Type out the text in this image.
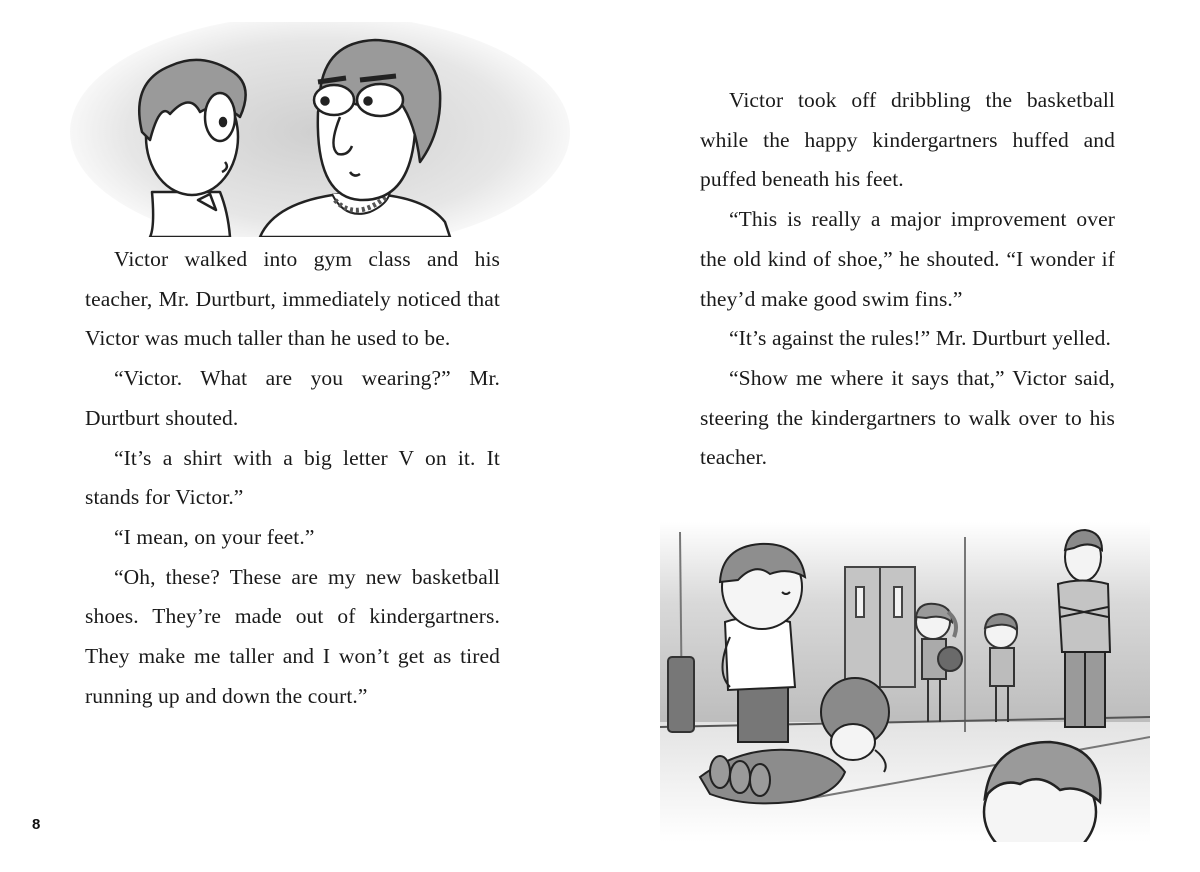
Victor walked into gym class and his teacher, Mr. Durtburt, immediately noticed that Victor was much taller than he used to be.

“Victor. What are you wearing?” Mr. Durtburt shouted.

“It’s a shirt with a big letter V on it. It stands for Victor.”

“I mean, on your feet.”

“Oh, these? These are my new basketball shoes. They’re made out of kindergartners. They make me taller and I won’t get as tired running up and down the court.”

8

Victor took off dribbling the basketball while the happy kindergartners huffed and puffed beneath his feet.

“This is really a major improvement over the old kind of shoe,” he shouted. “I wonder if they’d make good swim fins.”

“It’s against the rules!” Mr. Durtburt yelled.

“Show me where it says that,” Victor said, steering the kindergartners to walk over to his teacher.
